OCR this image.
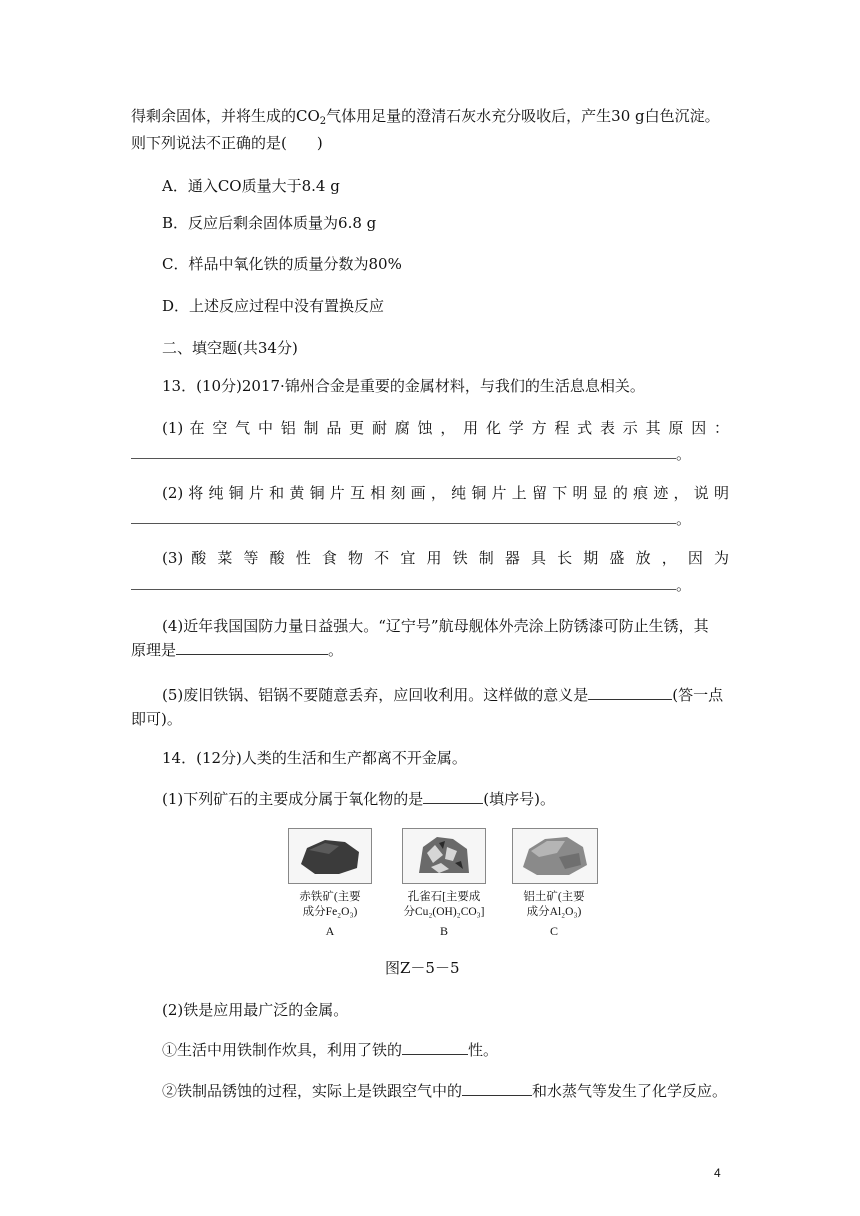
得剩余固体，并将生成的$CO_2$气体用足量的澄清石灰水充分吸收后，产生30 g白色沉淀。
则下列说法不正确的是(　　)
A．通入CO质量大于8.4 g
B．反应后剩余固体质量为6.8 g
C．样品中氧化铁的质量分数为80%
D．上述反应过程中没有置换反应
二、填空题(共34分)
13．(10分)2017·锦州合金是重要的金属材料，与我们的生活息息相关。
(1) 在 空 气 中 铝 制 品 更 耐 腐 蚀 ， 用 化 学 方 程 式 表 示 其 原 因 ：
。
(2) 将 纯 铜 片 和 黄 铜 片 互 相 刻 画 ， 纯 铜 片 上 留 下 明 显 的 痕 迹 ， 说 明
。
(3) 酸 菜 等 酸 性 食 物 不 宜 用 铁 制 器 具 长 期 盛 放 ， 因 为
。
(4)近年我国国防力量日益强大。“辽宁号”航母舰体外壳涂上防锈漆可防止生锈，其
原理是	。
(5)废旧铁锅、铝锅不要随意丢弃，应回收利用。这样做的意义是	(答一点
即可)。
14．(12分)人类的生活和生产都离不开金属。
(1)下列矿石的主要成分属于氧化物的是	(填序号)。
赤铁矿(主要
成分Fe₂O₃)
A
孔雀石[主要成
分Cu₂(OH)₂CO₃]
B
铝土矿(主要
成分Al₂O₃)
C
图Z－5－5
(2)铁是应用最广泛的金属。
①生活中用铁制作炊具，利用了铁的	性。
②铁制品锈蚀的过程，实际上是铁跟空气中的	和水蒸气等发生了化学反应。
4
